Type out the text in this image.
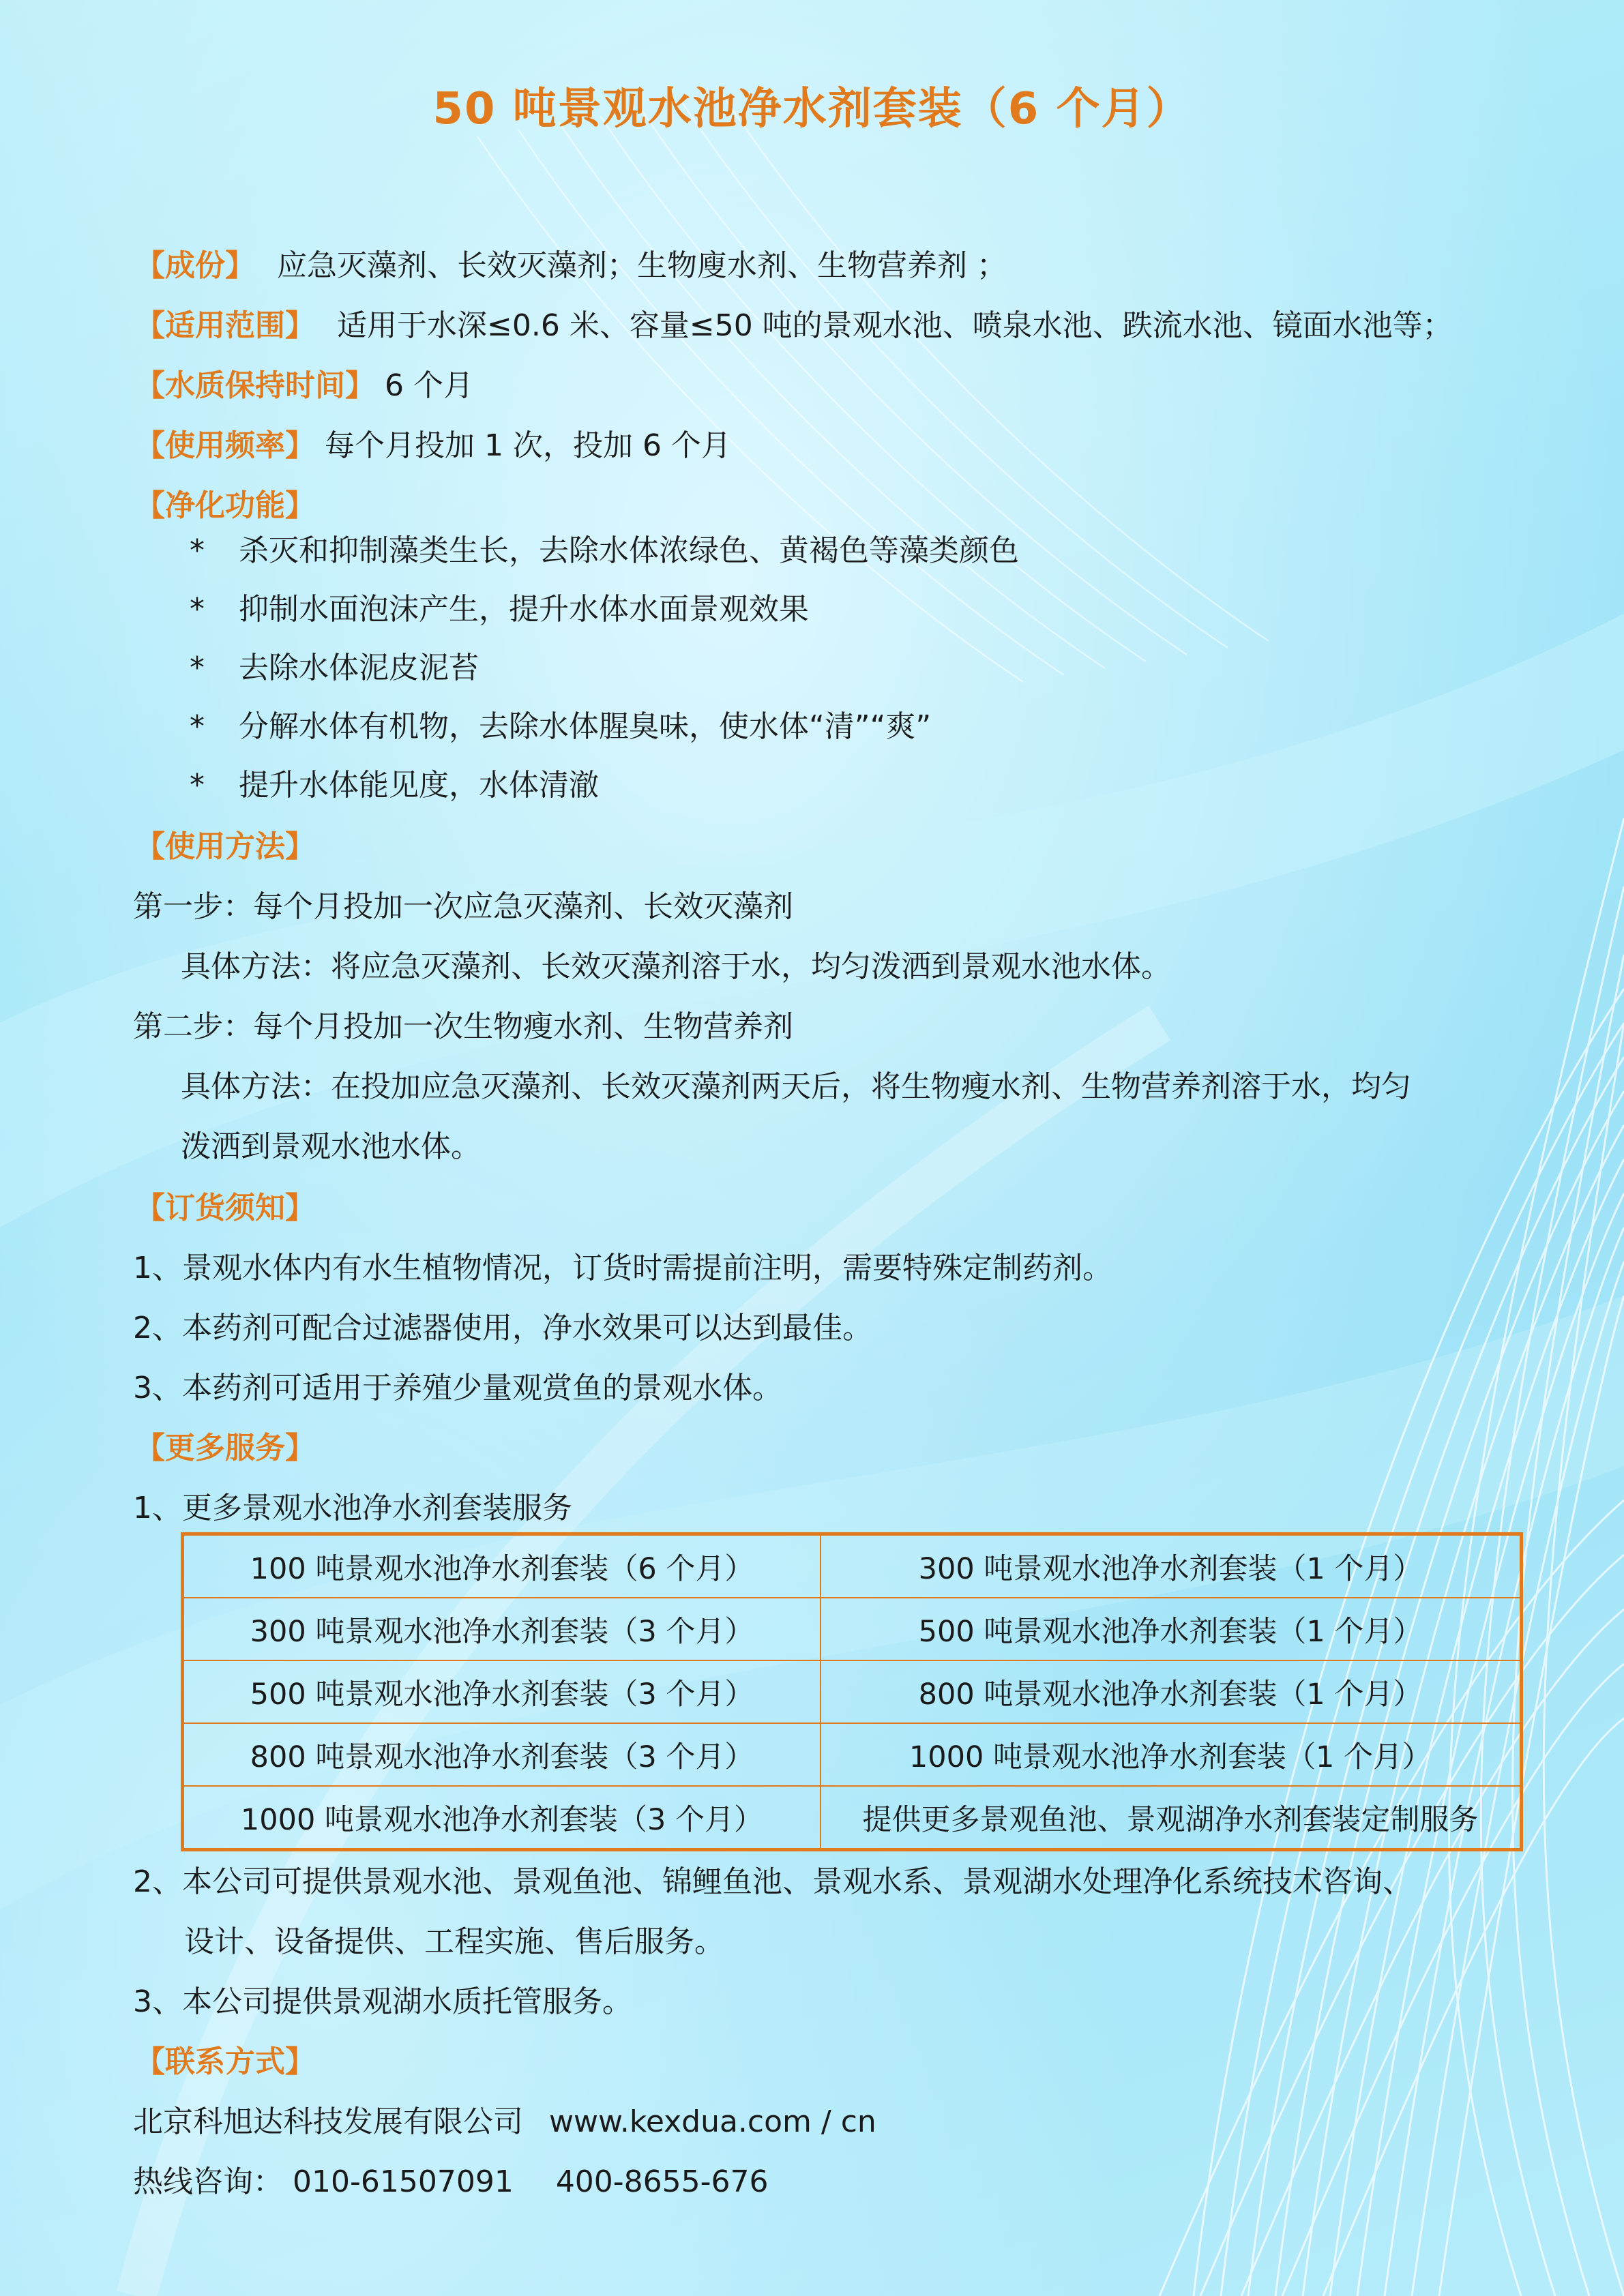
50 吨景观水池净水剂套装（6 个月）
【成份】 应急灭藻剂、长效灭藻剂；生物廋水剂、生物营养剂 ；
【适用范围】 适用于水深≤0.6 米、容量≤50 吨的景观水池、喷泉水池、跌流水池、镜面水池等；
【水质保持时间】 6 个月
【使用频率】 每个月投加 1 次，投加 6 个月
【净化功能】
* 杀灭和抑制藻类生长，去除水体浓绿色、黄褐色等藻类颜色
* 抑制水面泡沫产生，提升水体水面景观效果
* 去除水体泥皮泥苔
* 分解水体有机物，去除水体腥臭味，使水体“清”“爽”
* 提升水体能见度，水体清澈
【使用方法】
第一步：每个月投加一次应急灭藻剂、长效灭藻剂
具体方法：将应急灭藻剂、长效灭藻剂溶于水，均匀泼洒到景观水池水体。
第二步：每个月投加一次生物瘦水剂、生物营养剂
具体方法：在投加应急灭藻剂、长效灭藻剂两天后，将生物瘦水剂、生物营养剂溶于水，均匀
泼洒到景观水池水体。
【订货须知】
1、景观水体内有水生植物情况，订货时需提前注明，需要特殊定制药剂。
2、本药剂可配合过滤器使用，净水效果可以达到最佳。
3、本药剂可适用于养殖少量观赏鱼的景观水体。
【更多服务】
1、更多景观水池净水剂套装服务
100 吨景观水池净水剂套装（6 个月）	300 吨景观水池净水剂套装（1 个月）
300 吨景观水池净水剂套装（3 个月）	500 吨景观水池净水剂套装（1 个月）
500 吨景观水池净水剂套装（3 个月）	800 吨景观水池净水剂套装（1 个月）
800 吨景观水池净水剂套装（3 个月）	1000 吨景观水池净水剂套装（1 个月）
1000 吨景观水池净水剂套装（3 个月）	提供更多景观鱼池、景观湖净水剂套装定制服务
2、本公司可提供景观水池、景观鱼池、锦鲤鱼池、景观水系、景观湖水处理净化系统技术咨询、
设计、设备提供、工程实施、售后服务。
3、本公司提供景观湖水质托管服务。
【联系方式】
北京科旭达科技发展有限公司 www.kexdua.com / cn
热线咨询： 010-61507091 400-8655-676
